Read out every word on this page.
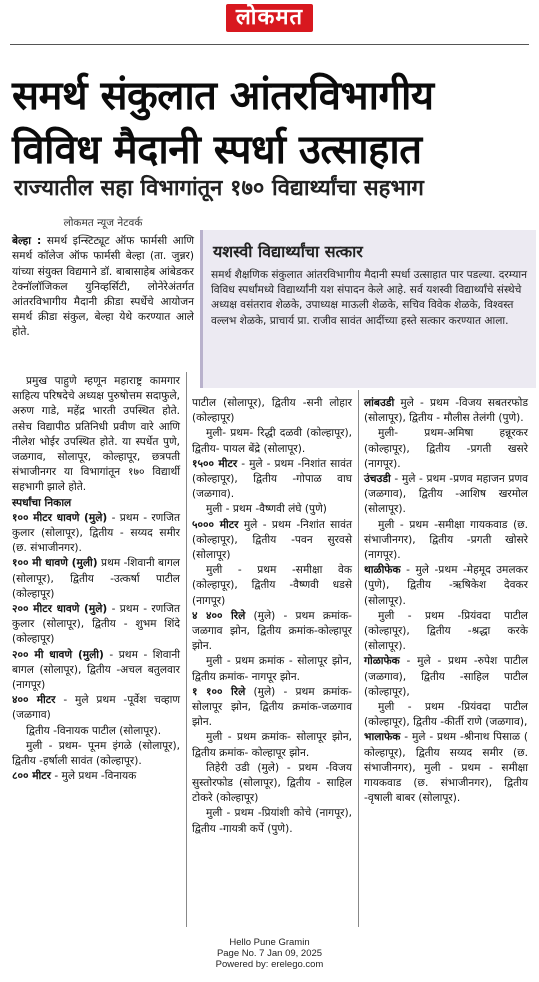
लोकमत
समर्थ संकुलात आंतरविभागीय
विविध मैदानी स्पर्धा उत्साहात
राज्यातील सहा विभागांतून १७० विद्यार्थ्यांचा सहभाग
लोकमत न्यूज नेटवर्क

बेल्हा : समर्थ इन्स्टिट्यूट ऑफ फार्मसी आणि समर्थ कॉलेज ऑफ फार्मसी बेल्हा (ता. जुन्नर) यांच्या संयुक्त विद्यमाने डॉ. बाबासाहेब आंबेडकर टेक्नॉलॉजिकल युनिव्हर्सिटी, लोनेरेअंतर्गत आंतरविभागीय मैदानी क्रीडा स्पर्धेचे आयोजन समर्थ क्रीडा संकुल, बेल्हा येथे करण्यात आले होते.

यशस्वी विद्यार्थ्यांचा सत्कार
समर्थ शैक्षणिक संकुलात आंतरविभागीय मैदानी स्पर्धा उत्साहात पार पडल्या. दरम्यान विविध स्पर्धांमध्ये विद्यार्थ्यांनी यश संपादन केले आहे. सर्व यशस्वी विद्यार्थ्यांचे संस्थेचे अध्यक्ष वसंतराव शेळके, उपाध्यक्ष माऊली शेळके, सचिव विवेक शेळके, विश्वस्त वल्लभ शेळके, प्राचार्य प्रा. राजीव सावंत आदींच्या हस्ते सत्कार करण्यात आला.

प्रमुख पाहुणे म्हणून महाराष्ट्र कामगार साहित्य परिषदेचे अध्यक्ष पुरुषोत्तम सदाफुले, अरुण गाडे, महेंद्र भारती उपस्थित होते. तसेच विद्यापीठ प्रतिनिधी प्रवीण वारे आणि नीलेश भोईर उपस्थित होते. या स्पर्धेत पुणे, जळगाव, सोलापूर, कोल्हापूर, छत्रपती संभाजीनगर या विभागांतून १७० विद्यार्थी सहभागी झाले होते.

स्पर्धांचा निकाल

१०० मीटर धावणे (मुले) - प्रथम - रणजित कुलार (सोलापूर), द्वितीय - सय्यद समीर (छ. संभाजीनगर).

१०० मी धावणे (मुली) प्रथम -शिवानी बागल (सोलापूर), द्वितीय -उत्कर्षा पाटील (कोल्हापूर)

२०० मीटर धावणे (मुले) - प्रथम - रणजित कुलार (सोलापूर), द्वितीय - शुभम शिंदे (कोल्हापूर)

२०० मी धावणे (मुली) - प्रथम - शिवानी बागल (सोलापूर), द्वितीय -अचल बतुलवार (नागपूर)

४०० मीटर - मुले प्रथम -पूर्वेश चव्हाण (जळगाव)

द्वितीय -विनायक पाटील (सोलापूर).

मुली - प्रथम- पूनम इंगळे (सोलापूर), द्वितीय -हर्षाली सावंत (कोल्हापूर).

८०० मीटर - मुले प्रथम -विनायक

पाटील (सोलापूर), द्वितीय -सनी लोहार (कोल्हापूर)

मुली- प्रथम- रिद्धी दळवी (कोल्हापूर), द्वितीय- पायल बेंद्रे (सोलापूर).

१५०० मीटर - मुले - प्रथम -निशांत सावंत (कोल्हापूर), द्वितीय -गोपाळ वाघ (जळगाव).

मुली - प्रथम -वैष्णवी लंघे (पुणे)

५००० मीटर मुले - प्रथम -निशांत सावंत (कोल्हापूर), द्वितीय -पवन सुरवसे (सोलापूर)

मुली - प्रथम -समीक्षा वेक (कोल्हापूर), द्वितीय -वैष्णवी धडसे (नागपूर)

४ ४०० रिले (मुले) - प्रथम क्रमांक-जळगाव झोन, द्वितीय क्रमांक-कोल्हापूर झोन.

मुली - प्रथम क्रमांक - सोलापूर झोन, द्वितीय क्रमांक- नागपूर झोन.

१ १०० रिले (मुले) - प्रथम क्रमांक-सोलापूर झोन, द्वितीय क्रमांक-जळगाव झोन.

मुली - प्रथम क्रमांक- सोलापूर झोन, द्वितीय क्रमांक- कोल्हापूर झोन.

तिहेरी उडी (मुले) - प्रथम -विजय सुस्तोरफोड (सोलापूर), द्वितीय - साहिल टोकरे (कोल्हापूर)

मुली - प्रथम -प्रियांशी कोचे (नागपूर), द्वितीय -गायत्री कर्पे (पुणे).

लांबउडी मुले - प्रथम -विजय सबतरफोड (सोलापूर), द्वितीय - मौलीस तेलंगी (पुणे).

मुली- प्रथम-अमिषा हन्नूरकर (कोल्हापूर), द्वितीय -प्रगती खसरे (नागपूर).

उंचउडी - मुले - प्रथम -प्रणव महाजन प्रणव (जळगाव), द्वितीय -आशिष खरमोल (सोलापूर).

मुली - प्रथम -समीक्षा गायकवाड (छ. संभाजीनगर), द्वितीय -प्रगती खोसरे (नागपूर).

थाळीफेक - मुले -प्रथम -मेहमूद उमलकर (पुणे), द्वितीय -ऋषिकेश देवकर (सोलापूर).

मुली - प्रथम -प्रियंवदा पाटील (कोल्हापूर), द्वितीय -श्रद्धा करके (सोलापूर).

गोळाफेक - मुले - प्रथम -रुपेश पाटील (जळगाव), द्वितीय -साहिल पाटील (कोल्हापूर),

मुली - प्रथम -प्रियंवदा पाटील (कोल्हापूर), द्वितीय -कीर्ती राणे (जळगाव),

भालाफेक - मुले - प्रथम -श्रीनाथ पिसाळ ( कोल्हापूर), द्वितीय सय्यद समीर (छ. संभाजीनगर), मुली - प्रथम - समीक्षा गायकवाड (छ. संभाजीनगर), द्वितीय -वृषाली बाबर (सोलापूर).

Hello Pune Gramin
Page No. 7 Jan 09, 2025
Powered by: erelego.com
